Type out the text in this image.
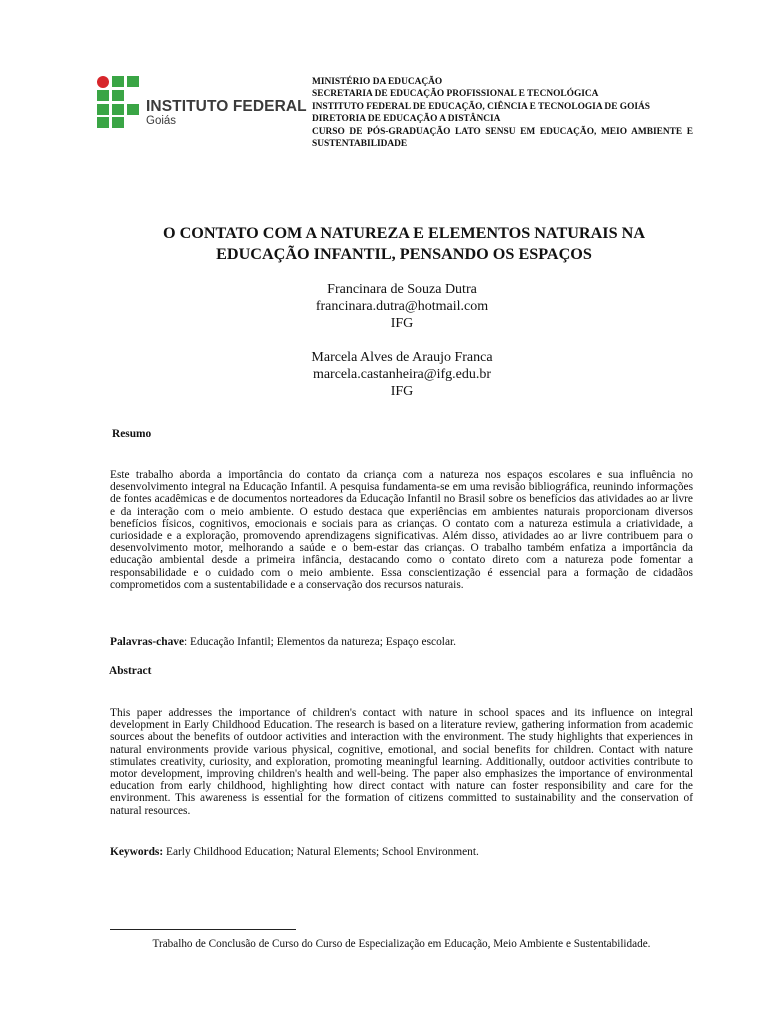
INSTITUTO FEDERAL
Goiás
MINISTÉRIO DA EDUCAÇÃO
SECRETARIA DE EDUCAÇÃO PROFISSIONAL E TECNOLÓGICA
INSTITUTO FEDERAL DE EDUCAÇÃO, CIÊNCIA E TECNOLOGIA DE GOIÁS
DIRETORIA DE EDUCAÇÃO A DISTÂNCIA
CURSO DE PÓS-GRADUAÇÃO LATO SENSU EM EDUCAÇÃO, MEIO AMBIENTE E SUSTENTABILIDADE
O CONTATO COM A NATUREZA E ELEMENTOS NATURAIS NA
EDUCAÇÃO INFANTIL, PENSANDO OS ESPAÇOS
Francinara de Souza Dutra
francinara.dutra@hotmail.com
IFG
Marcela Alves de Araujo Franca
marcela.castanheira@ifg.edu.br
IFG
Resumo
Este trabalho aborda a importância do contato da criança com a natureza nos espaços escolares e sua influência no desenvolvimento integral na Educação Infantil. A pesquisa fundamenta-se em uma revisão bibliográfica, reunindo informações de fontes acadêmicas e de documentos norteadores da Educação Infantil no Brasil sobre os benefícios das atividades ao ar livre e da interação com o meio ambiente. O estudo destaca que experiências em ambientes naturais proporcionam diversos benefícios físicos, cognitivos, emocionais e sociais para as crianças. O contato com a natureza estimula a criatividade, a curiosidade e a exploração, promovendo aprendizagens significativas. Além disso, atividades ao ar livre contribuem para o desenvolvimento motor, melhorando a saúde e o bem-estar das crianças. O trabalho também enfatiza a importância da educação ambiental desde a primeira infância, destacando como o contato direto com a natureza pode fomentar a responsabilidade e o cuidado com o meio ambiente. Essa conscientização é essencial para a formação de cidadãos comprometidos com a sustentabilidade e a conservação dos recursos naturais.
Palavras-chave: Educação Infantil; Elementos da natureza; Espaço escolar.
Abstract
This paper addresses the importance of children's contact with nature in school spaces and its influence on integral development in Early Childhood Education. The research is based on a literature review, gathering information from academic sources about the benefits of outdoor activities and interaction with the environment. The study highlights that experiences in natural environments provide various physical, cognitive, emotional, and social benefits for children. Contact with nature stimulates creativity, curiosity, and exploration, promoting meaningful learning. Additionally, outdoor activities contribute to motor development, improving children's health and well-being. The paper also emphasizes the importance of environmental education from early childhood, highlighting how direct contact with nature can foster responsibility and care for the environment. This awareness is essential for the formation of citizens committed to sustainability and the conservation of natural resources.
Keywords: Early Childhood Education; Natural Elements; School Environment.
Trabalho de Conclusão de Curso do Curso de Especialização em Educação, Meio Ambiente e Sustentabilidade.
